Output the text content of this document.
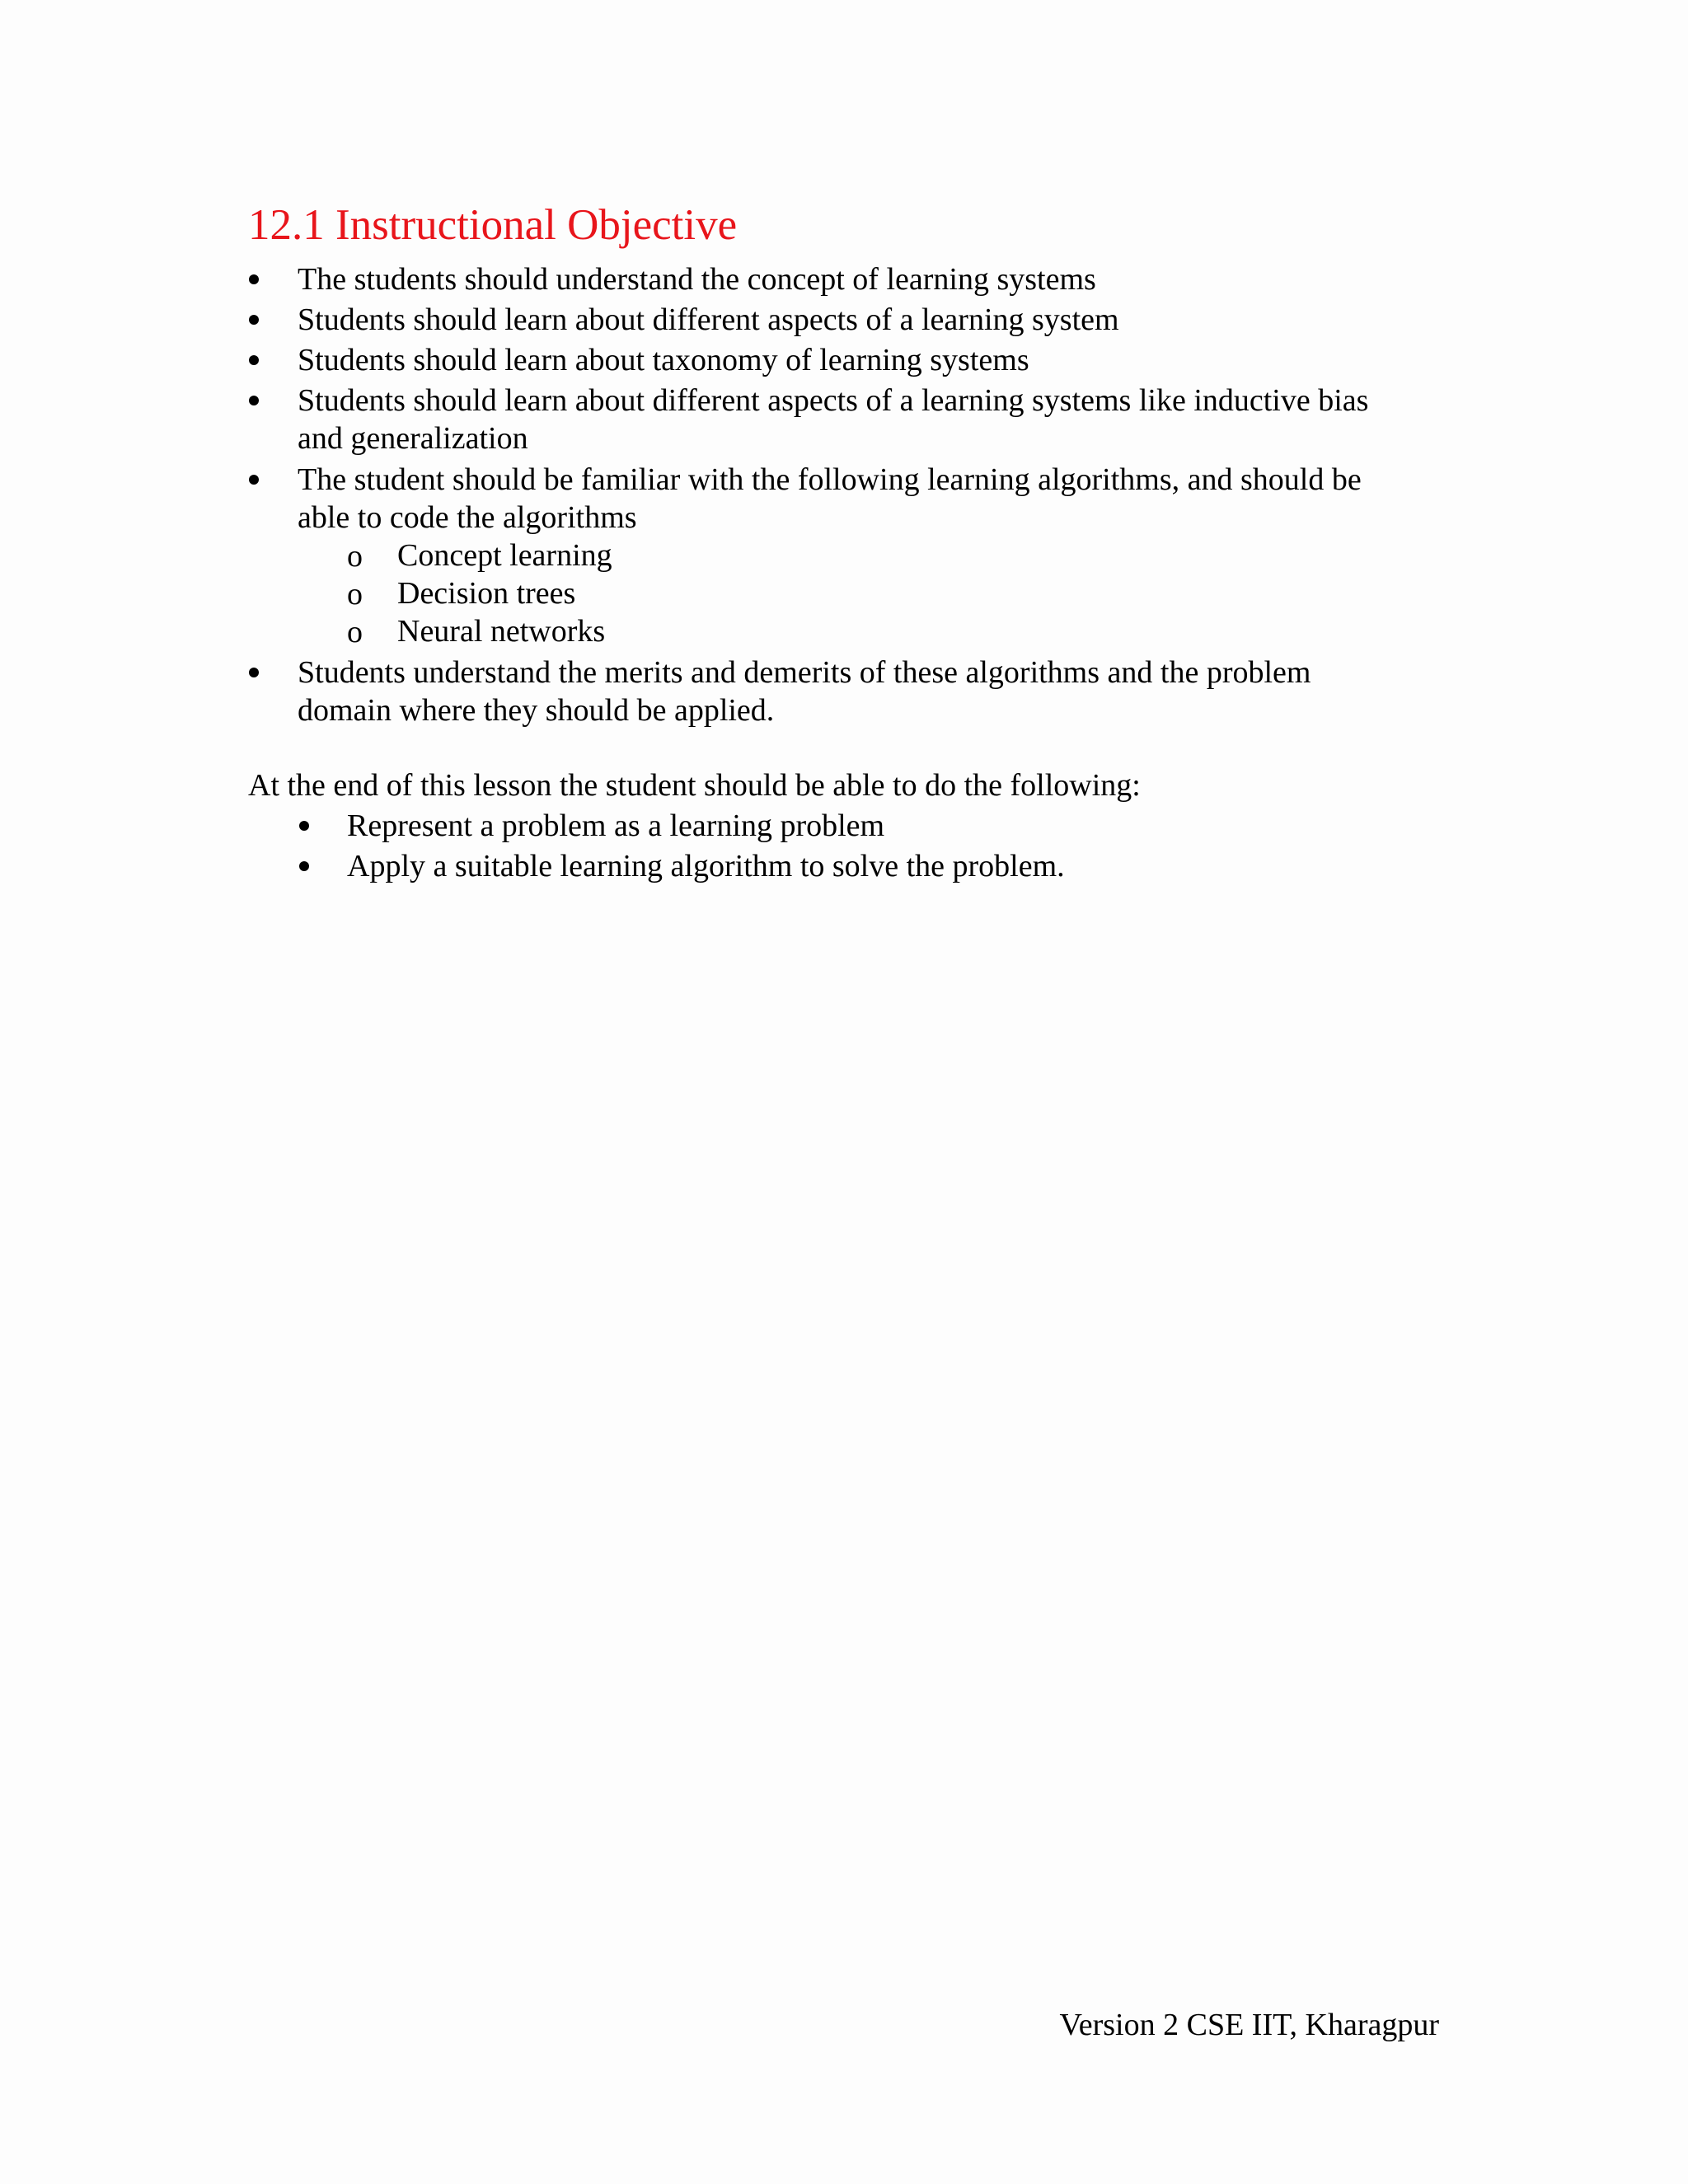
12.1 Instructional Objective
The students should understand the concept of learning systems
Students should learn about different aspects of a learning system
Students should learn about taxonomy of learning systems
Students should learn about different aspects of a learning systems like inductive bias
and generalization
The student should be familiar with the following learning algorithms, and should be
able to code the algorithms
o Concept learning
o Decision trees
o Neural networks
Students understand the merits and demerits of these algorithms and the problem
domain where they should be applied.
At the end of this lesson the student should be able to do the following:
Represent a problem as a learning problem
Apply a suitable learning algorithm to solve the problem.
Version 2 CSE IIT, Kharagpur
